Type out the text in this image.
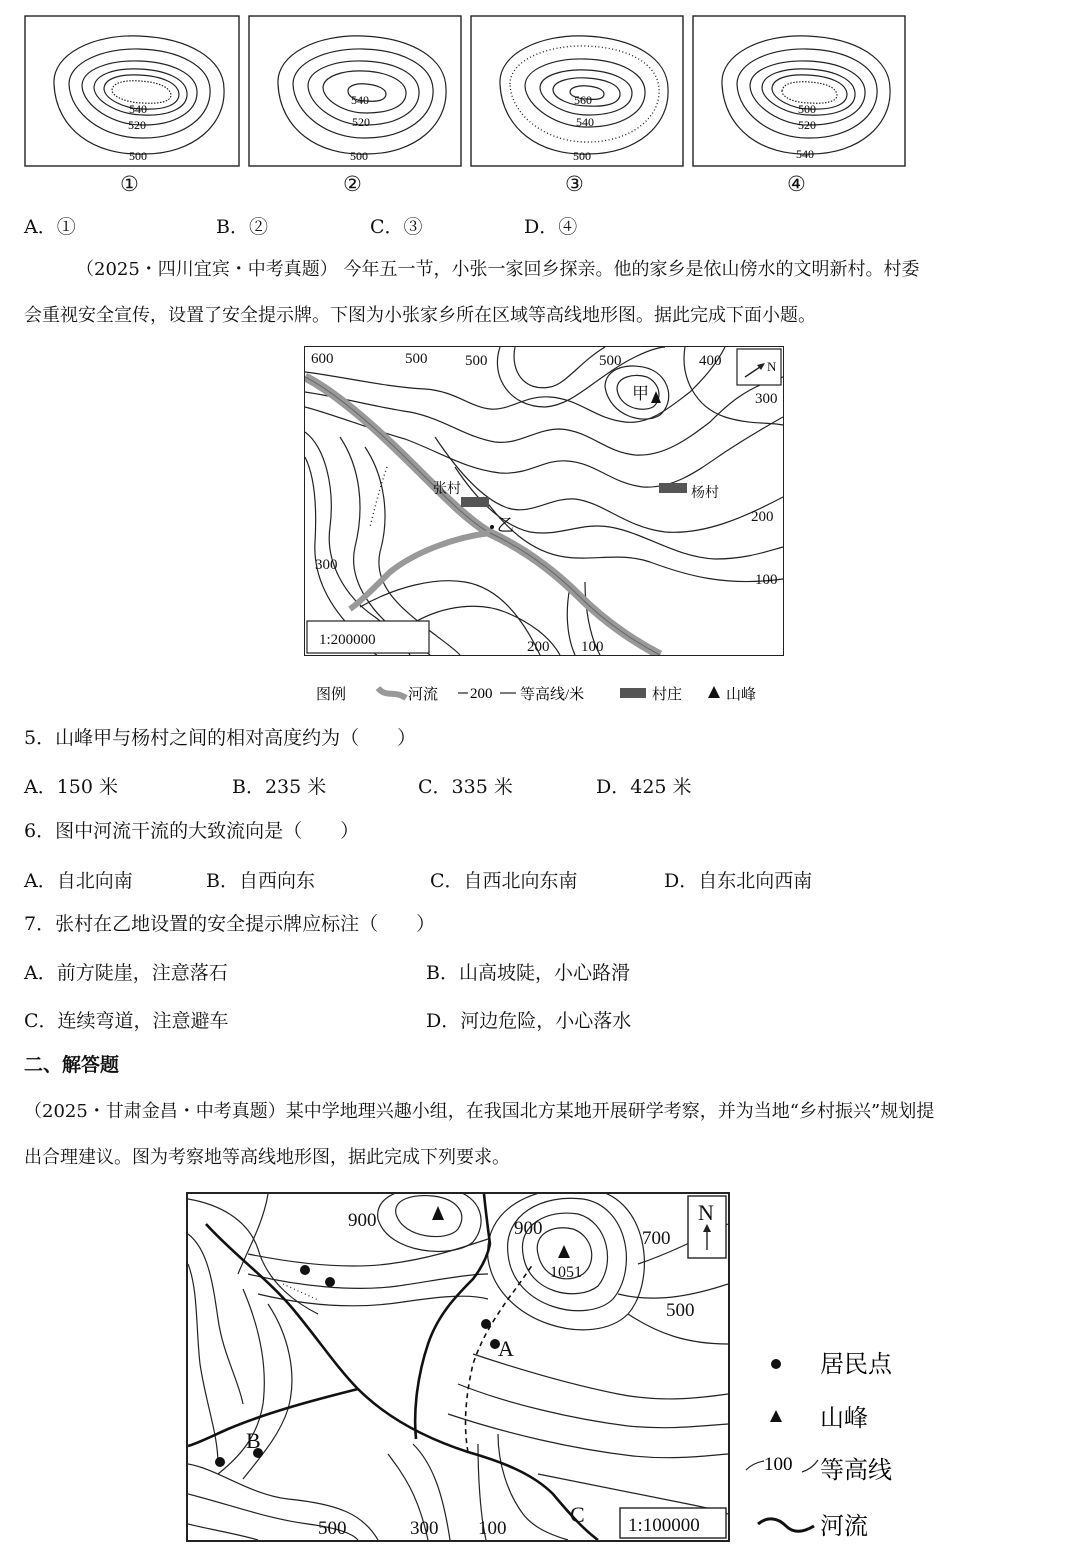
540
520
500
540
520
500
560
540
500
500
520
540
①	②	③	④
A．①	B．②	C．③	D．④
（2025・四川宜宾・中考真题） 今年五一节，小张一家回乡探亲。他的家乡是依山傍水的文明新村。村委
会重视安全宣传，设置了安全提示牌。下图为小张家乡所在区域等高线地形图。据此完成下面小题。
600	500	500	500	400
300
200
100
300
200 100
N
1:200000
甲
张村	杨村
乙
图例	河流 200 等高线/米	村庄	山峰
5．山峰甲与杨村之间的相对高度约为（　　）
A．150 米	B．235 米	C．335 米	D．425 米
6．图中河流干流的大致流向是（　　）
A．自北向南	B．自西向东	C．自西北向东南	D．自东北向西南
7．张村在乙地设置的安全提示牌应标注（　　）
A．前方陡崖，注意落石	B．山高坡陡，小心路滑
C．连续弯道，注意避车	D．河边危险，小心落水
二、解答题
（2025・甘肃金昌・中考真题）某中学地理兴趣小组，在我国北方某地开展研学考察，并为当地“乡村振兴”规划提
出合理建议。图为考察地等高线地形图，据此完成下列要求。
900	900	700
500
500	300 100
1051
A
B
C
N
1:100000
居民点
山峰
100 等高线
河流
